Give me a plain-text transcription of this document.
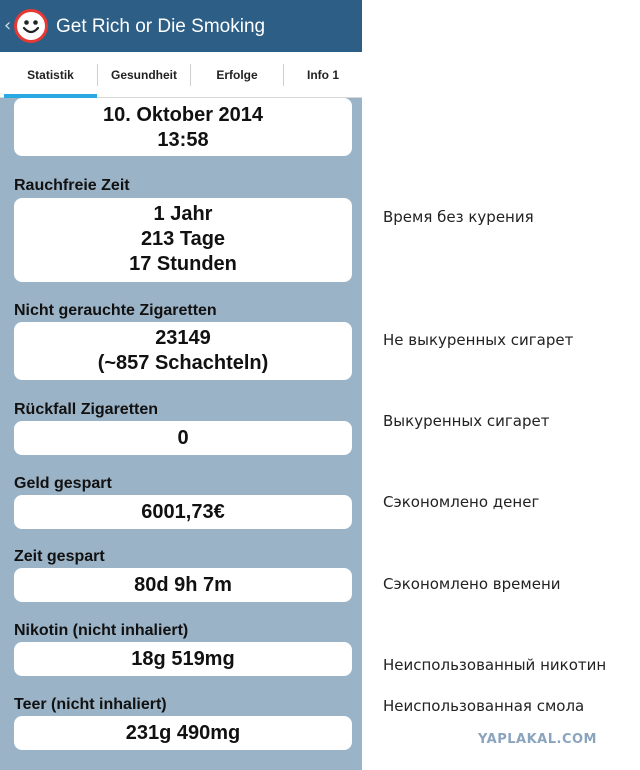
‹ Get Rich or Die Smoking
Statistik	Gesundheit	Erfolge	Info 1
10. Oktober 2014
13:58
Rauchfreie Zeit
1 Jahr
213 Tage
17 Stunden
Nicht gerauchte Zigaretten
23149
(~857 Schachteln)
Rückfall Zigaretten
0
Geld gespart
6001,73€
Zeit gespart
80d 9h 7m
Nikotin (nicht inhaliert)
18g 519mg
Teer (nicht inhaliert)
231g 490mg
Время без курения
Не выкуренных сигарет
Выкуренных сигарет
Сэкономлено денег
Сэкономлено времени
Неиспользованный никотин
Неиспользованная смола
YAPLAKAL.COM
